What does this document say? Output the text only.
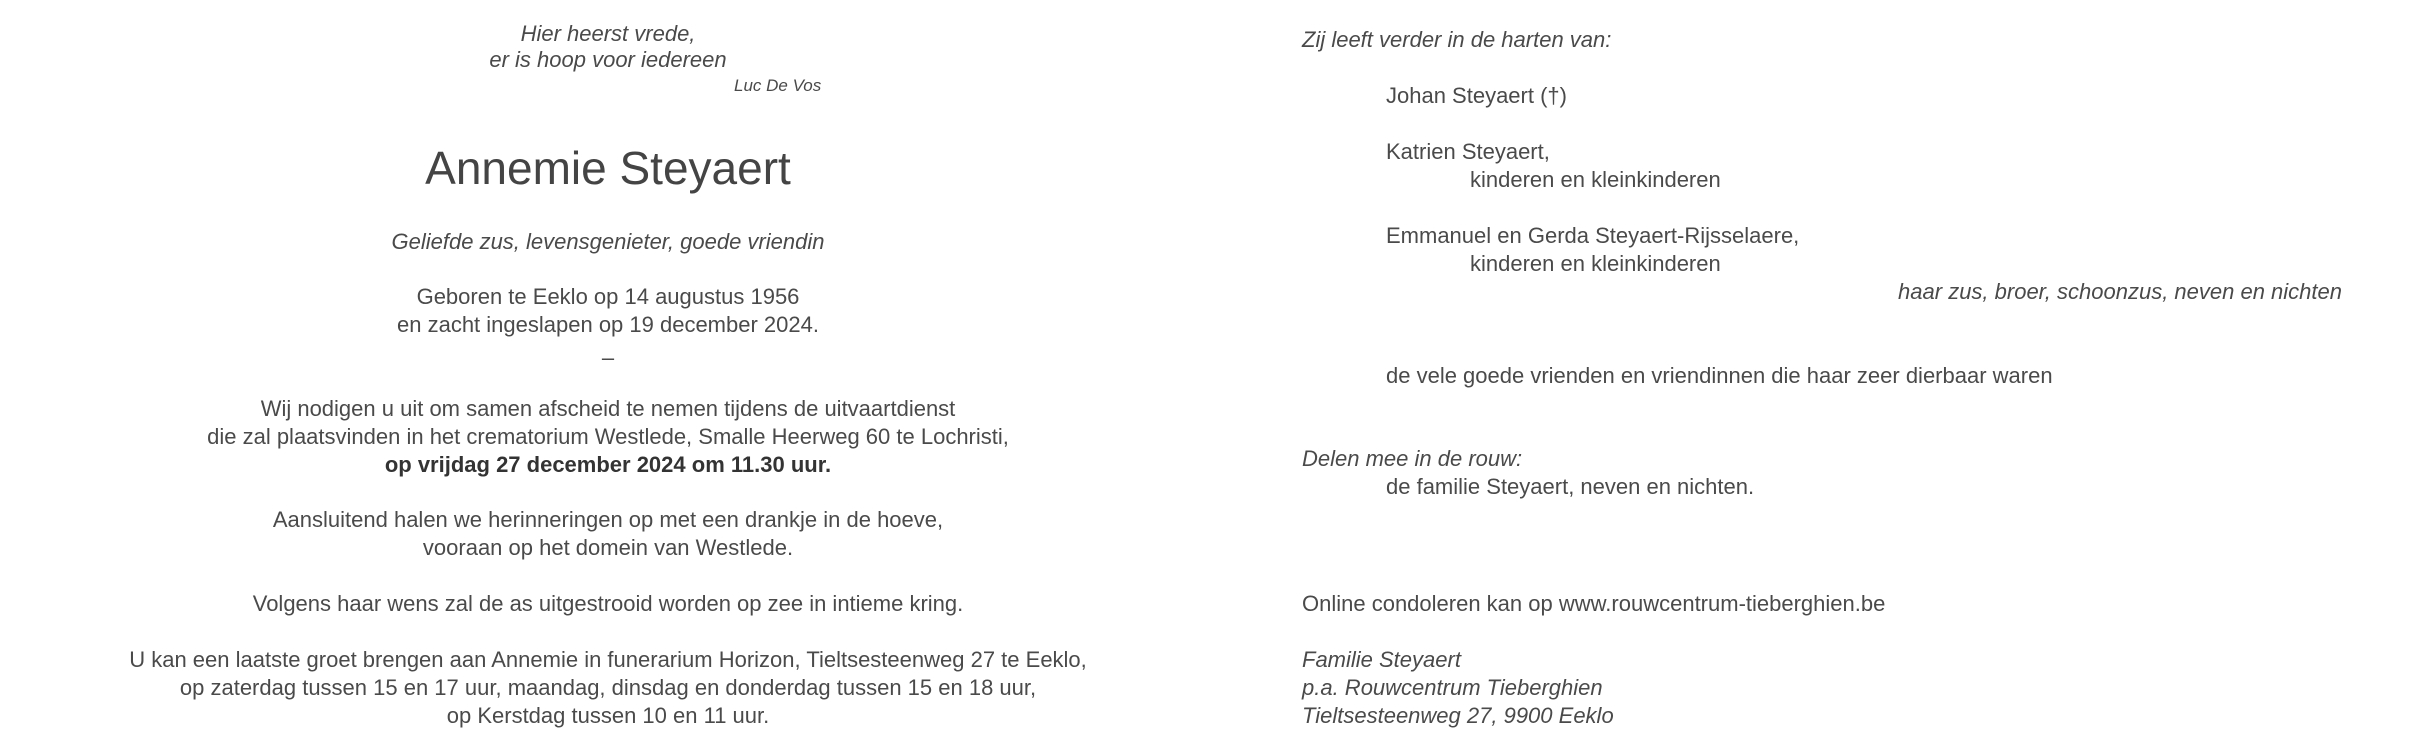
Hier heerst vrede,
er is hoop voor iedereen
Luc De Vos
Annemie Steyaert
Geliefde zus, levensgenieter, goede vriendin
Geboren te Eeklo op 14 augustus 1956
en zacht ingeslapen op 19 december 2024.
–
Wij nodigen u uit om samen afscheid te nemen tijdens de uitvaartdienst
die zal plaatsvinden in het crematorium Westlede, Smalle Heerweg 60 te Lochristi,
op vrijdag 27 december 2024 om 11.30 uur.
Aansluitend halen we herinneringen op met een drankje in de hoeve,
vooraan op het domein van Westlede.
Volgens haar wens zal de as uitgestrooid worden op zee in intieme kring.
U kan een laatste groet brengen aan Annemie in funerarium Horizon, Tieltsesteenweg 27 te Eeklo,
op zaterdag tussen 15 en 17 uur, maandag, dinsdag en donderdag tussen 15 en 18 uur,
op Kerstdag tussen 10 en 11 uur.
Zij leeft verder in de harten van:
Johan Steyaert (†)
Katrien Steyaert,
kinderen en kleinkinderen
Emmanuel en Gerda Steyaert-Rijsselaere,
kinderen en kleinkinderen
haar zus, broer, schoonzus, neven en nichten
de vele goede vrienden en vriendinnen die haar zeer dierbaar waren
Delen mee in de rouw:
de familie Steyaert, neven en nichten.
Online condoleren kan op www.rouwcentrum-tieberghien.be
Familie Steyaert
p.a. Rouwcentrum Tieberghien
Tieltsesteenweg 27, 9900 Eeklo
